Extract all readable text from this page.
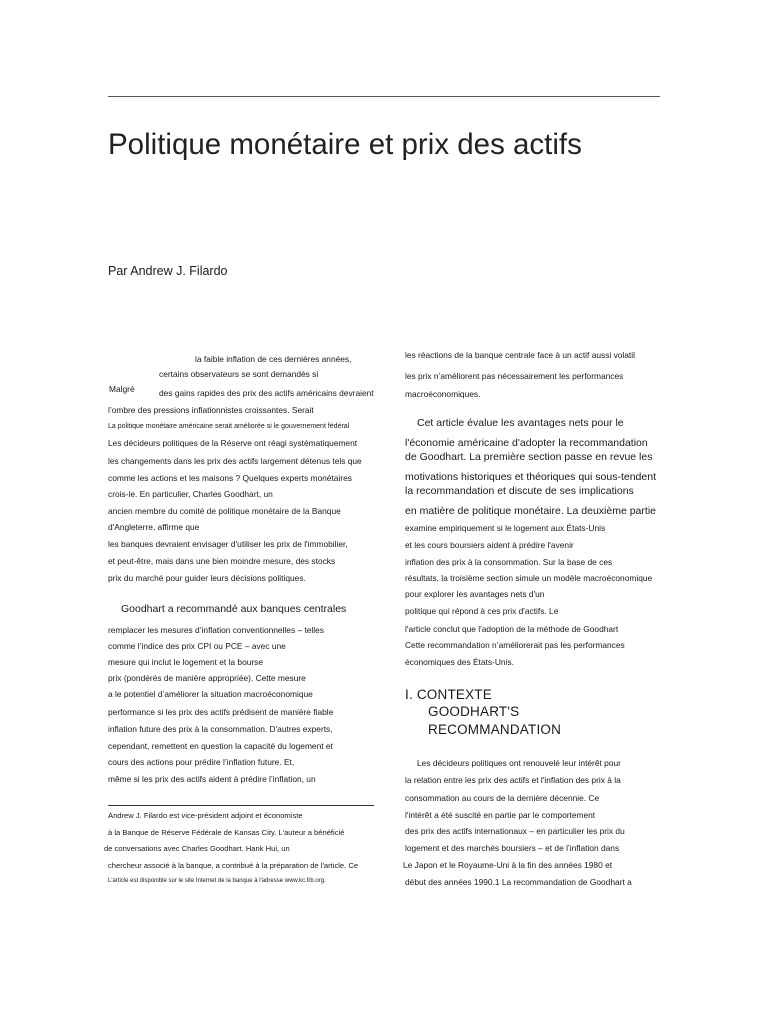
Politique monétaire et prix des actifs
Par Andrew J. Filardo
la faible inflation de ces dernières années,
certains observateurs se sont demandés si
Malgré	des gains rapides des prix des actifs américains devraient
l’ombre des pressions inflationnistes croissantes. Serait
La politique monétaire américaine serait améliorée si le gouvernement fédéral
Les décideurs politiques de la Réserve ont réagi systématiquement
les changements dans les prix des actifs largement détenus tels que
comme les actions et les maisons ? Quelques experts monétaires
crois-le. En particulier, Charles Goodhart, un
ancien membre du comité de politique monétaire de la Banque
d'Angleterre, affirme que
les banques devraient envisager d'utiliser les prix de l'immobilier,
et peut-être, mais dans une bien moindre mesure, des stocks
prix du marché pour guider leurs décisions politiques.
Goodhart a recommandé aux banques centrales
remplacer les mesures d’inflation conventionnelles – telles
comme l’indice des prix CPI ou PCE – avec une
mesure qui inclut le logement et la bourse
prix (pondérés de manière appropriée). Cette mesure
a le potentiel d’améliorer la situation macroéconomique
performance si les prix des actifs prédisent de manière fiable
inflation future des prix à la consommation. D'autres experts,
cependant, remettent en question la capacité du logement et
cours des actions pour prédire l’inflation future. Et,
même si les prix des actifs aident à prédire l’inflation, un
Andrew J. Filardo est vice-président adjoint et économiste
à la Banque de Réserve Fédérale de Kansas City. L'auteur a bénéficié
de conversations avec Charles Goodhart. Hank Hui, un
chercheur associé à la banque, a contribué à la préparation de l'article. Ce
L'article est disponible sur le site Internet de la banque à l'adresse www.kc.frb.org.
les réactions de la banque centrale face à un actif aussi volatil
les prix n’améliorent pas nécessairement les performances
macroéconomiques.
Cet article évalue les avantages nets pour le
l'économie américaine d'adopter la recommandation
de Goodhart. La première section passe en revue les
motivations historiques et théoriques qui sous-tendent
la recommandation et discute de ses implications
en matière de politique monétaire. La deuxième partie
examine empiriquement si le logement aux États-Unis
et les cours boursiers aident à prédire l'avenir
inflation des prix à la consommation. Sur la base de ces
résultats, la troisième section simule un modèle macroéconomique
pour explorer les avantages nets d'un
politique qui répond à ces prix d'actifs. Le
l'article conclut que l'adoption de la méthode de Goodhart
Cette recommandation n’améliorerait pas les performances
économiques des États-Unis.
I. CONTEXTE
GOODHART'S
RECOMMANDATION
Les décideurs politiques ont renouvelé leur intérêt pour
la relation entre les prix des actifs et l'inflation des prix à la
consommation au cours de la dernière décennie. Ce
l'intérêt a été suscité en partie par le comportement
des prix des actifs internationaux – en particulier les prix du
logement et des marchés boursiers – et de l’inflation dans
Le Japon et le Royaume-Uni à la fin des années 1980 et
début des années 1990.1 La recommandation de Goodhart a
